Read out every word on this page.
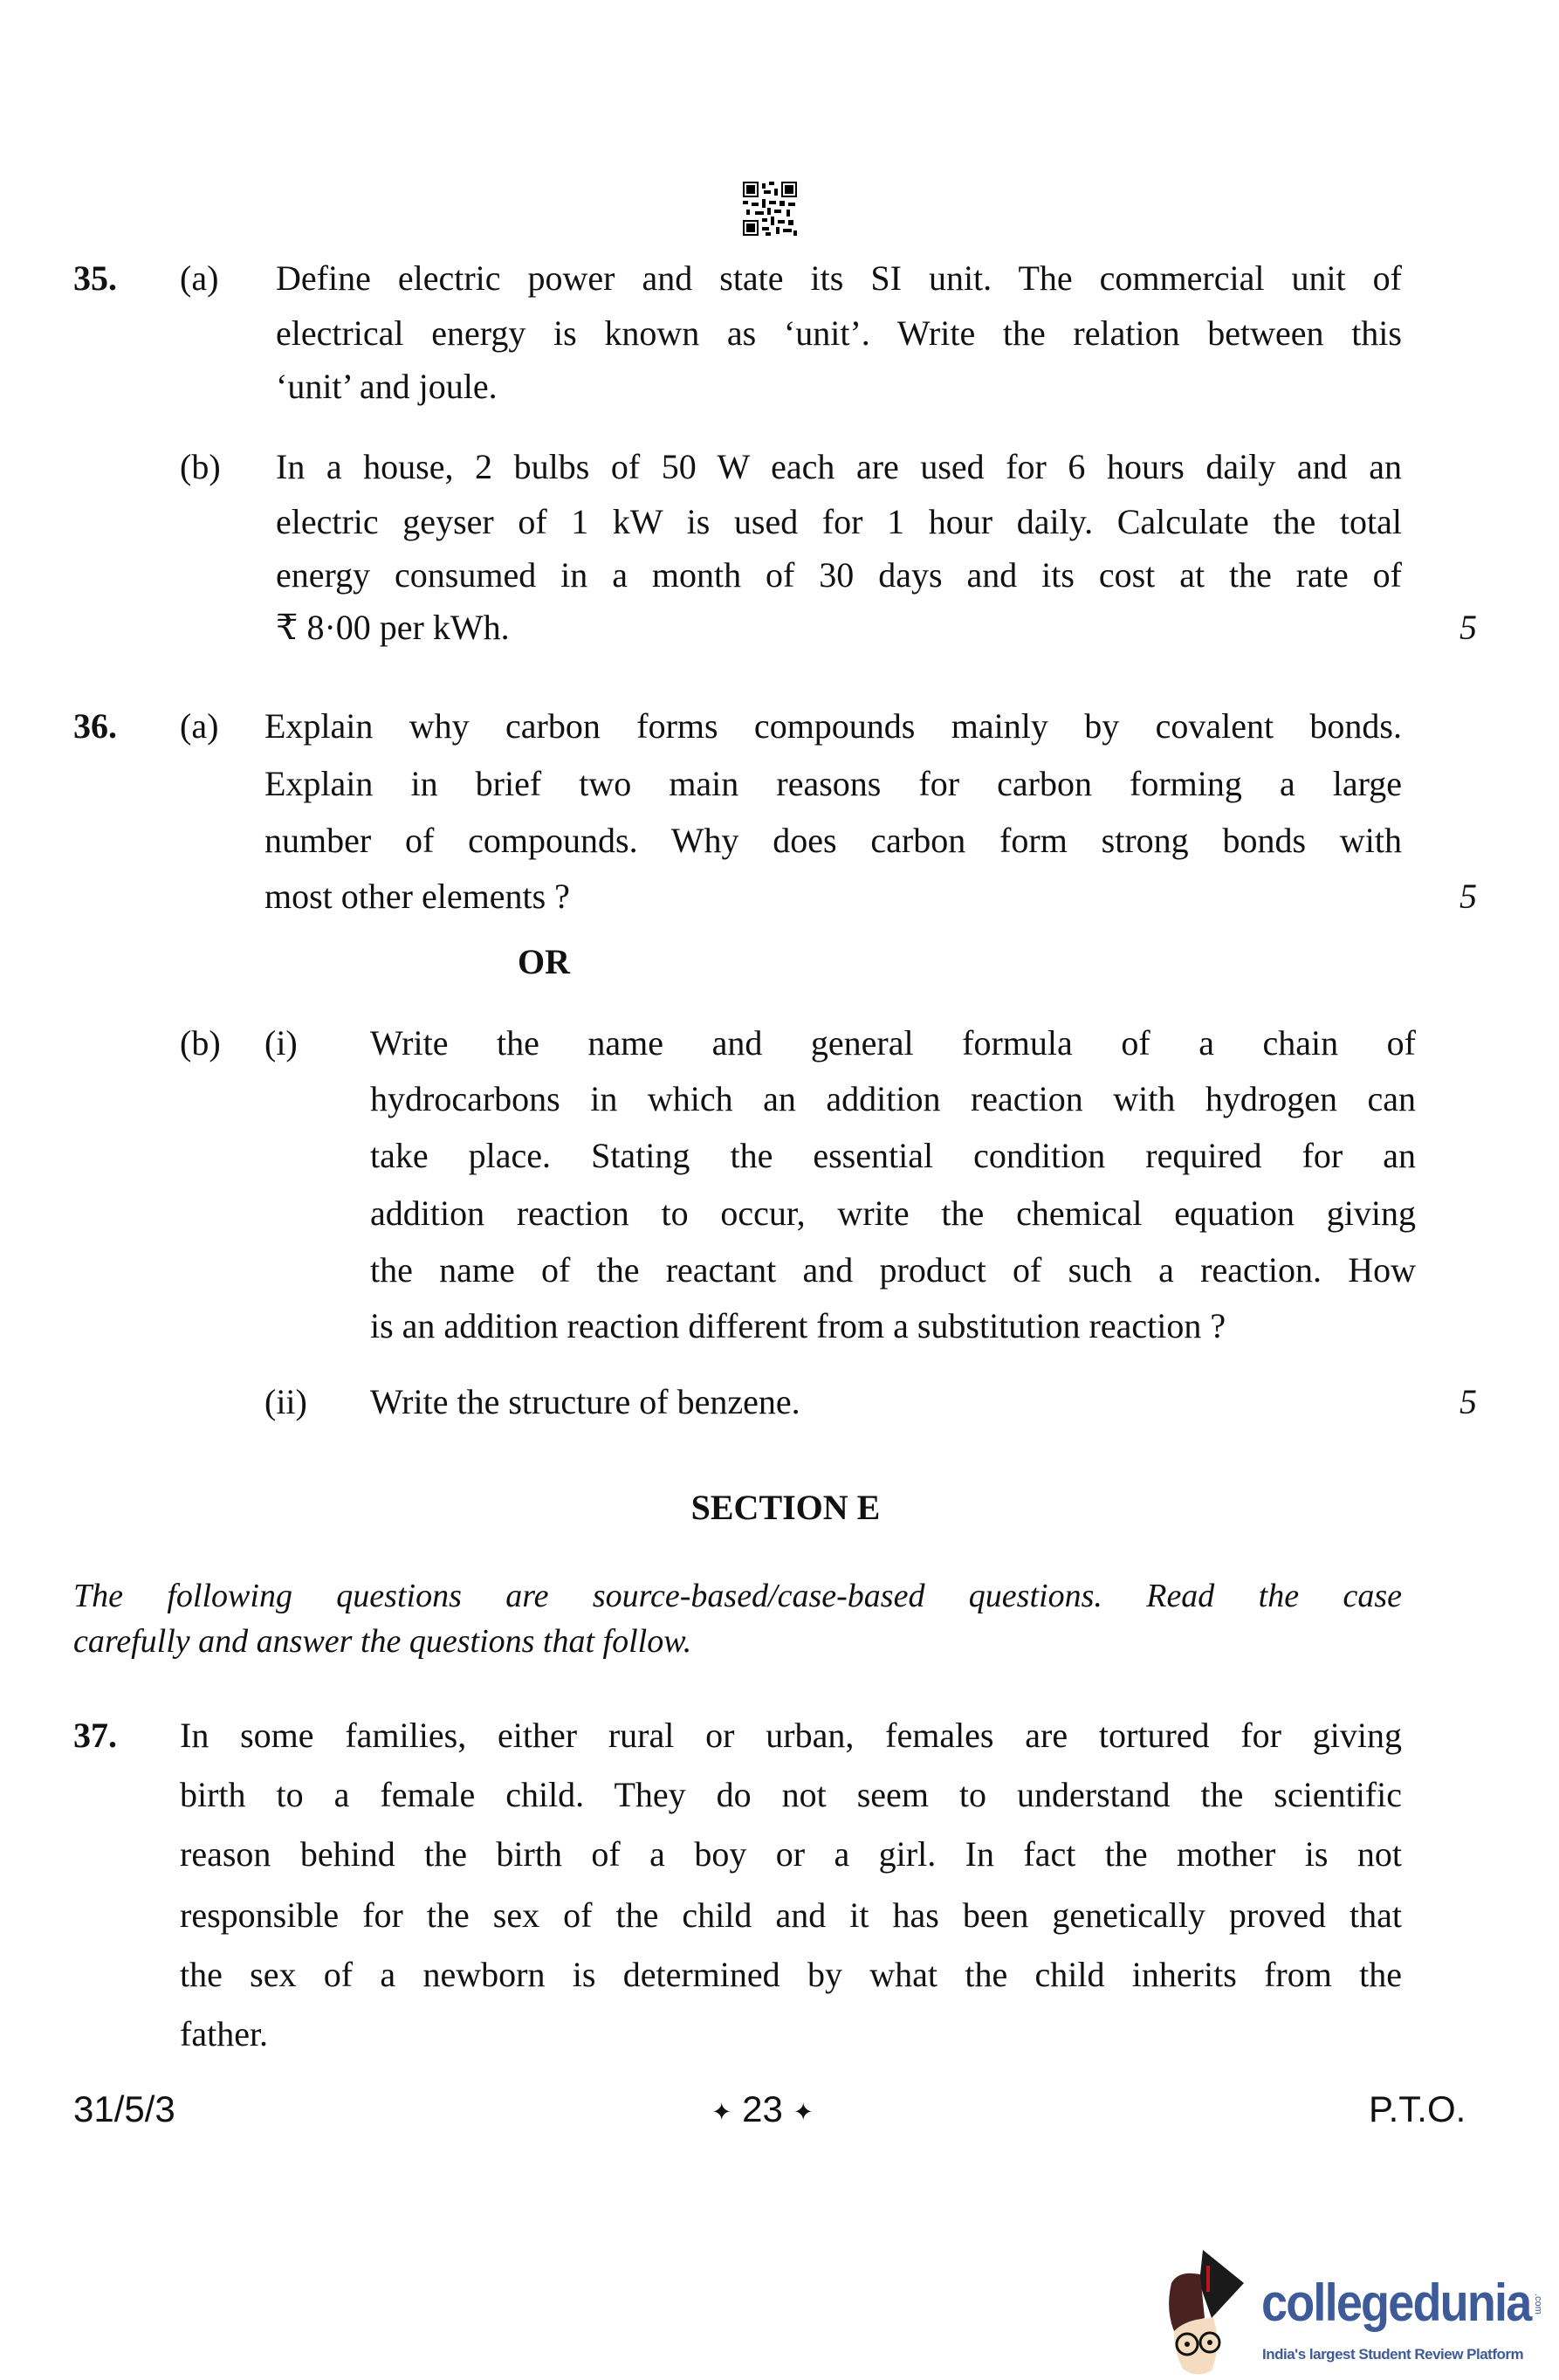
35. (a) Define electric power and state its SI unit. The commercial unit of
electrical energy is known as ‘unit’. Write the relation between this
‘unit’ and joule.
(b) In a house, 2 bulbs of 50 W each are used for 6 hours daily and an
electric geyser of 1 kW is used for 1 hour daily. Calculate the total
energy consumed in a month of 30 days and its cost at the rate of
₹ 8·00 per kWh.	5
36. (a) Explain why carbon forms compounds mainly by covalent bonds.
Explain in brief two main reasons for carbon forming a large
number of compounds. Why does carbon form strong bonds with
most other elements ?	5
OR
(b) (i) Write the name and general formula of a chain of
hydrocarbons in which an addition reaction with hydrogen can
take place. Stating the essential condition required for an
addition reaction to occur, write the chemical equation giving
the name of the reactant and product of such a reaction. How
is an addition reaction different from a substitution reaction ?
(ii) Write the structure of benzene.	5
SECTION E
The following questions are source-based/case-based questions. Read the case
carefully and answer the questions that follow.
37. In some families, either rural or urban, females are tortured for giving
birth to a female child. They do not seem to understand the scientific
reason behind the birth of a boy or a girl. In fact the mother is not
responsible for the sex of the child and it has been genetically proved that
the sex of a newborn is determined by what the child inherits from the
father.
31/5/3	✦ 23 ✦	P.T.O.
collegedunia .com
India's largest Student Review Platform
